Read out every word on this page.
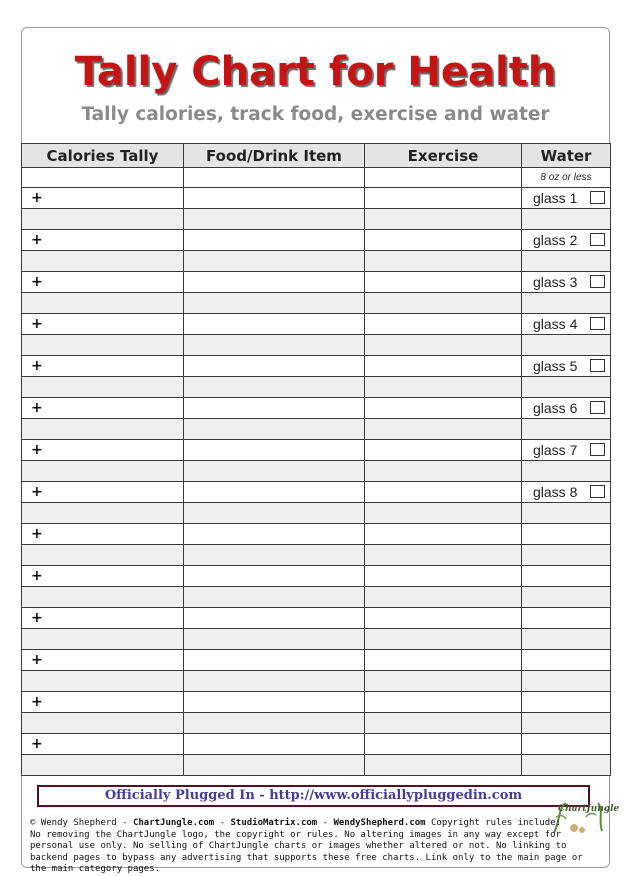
Tally Chart for Health
Tally calories, track food, exercise and water
Calories Tally	Food/Drink Item	Exercise	Water
			8 oz or less
+			glass 1

+			glass 2

+			glass 3

+			glass 4

+			glass 5

+			glass 6

+			glass 7

+			glass 8

+			

+			

+			

+			

+			

+			

Officially Plugged In - http://www.officiallypluggedin.com
ChartJungle
© Wendy Shepherd - ChartJungle.com - StudioMatrix.com - WendyShepherd.com Copyright rules include:
No removing the ChartJungle logo, the copyright or rules. No altering images in any way except for personal use only. No selling of ChartJungle charts or images whether altered or not. No linking to backend pages to bypass any advertising that supports these free charts. Link only to the main page or the main category pages.
